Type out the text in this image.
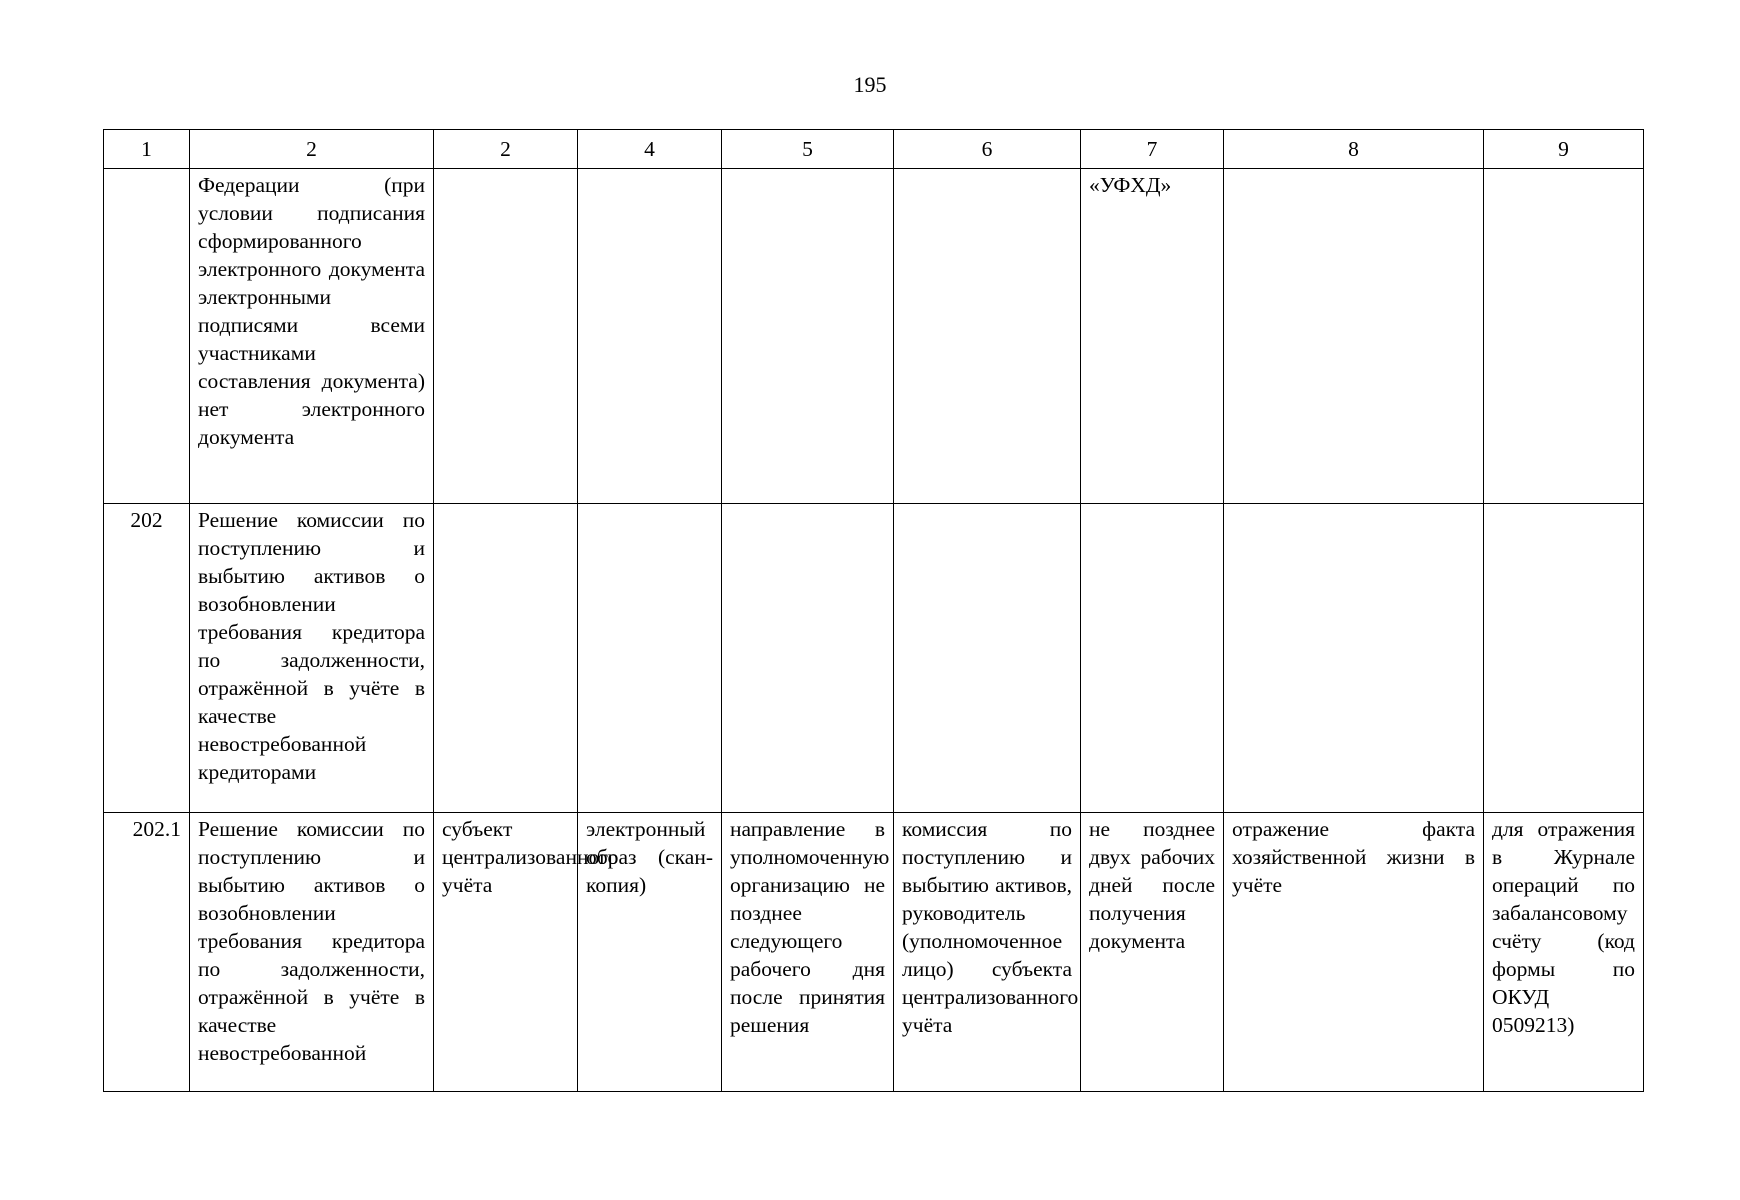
195
1	2	2	4	5	6	7	8	9
	Федерации (при условии подписания сформированного электронного документа электронными подписями всеми участниками составления документа) нет электронного документа					«УФХД»		
202	Решение комиссии по поступлению и выбытию активов о возобновлении требования кредитора по задолженности, отражённой в учёте в качестве невостребованной кредиторами							
202.1	Решение комиссии по поступлению и выбытию активов о возобновлении требования кредитора по задолженности, отражённой в учёте в качестве невостребованной	субъект централизованного учёта	электронный образ (скан-копия)	направление в уполномоченную организацию не позднее следующего рабочего дня после принятия решения	комиссия по поступлению и выбытию активов, руководитель (уполномоченное лицо) субъекта централизованного учёта	не позднее двух рабочих дней после получения документа	отражение факта хозяйственной жизни в учёте	для отражения в Журнале операций по забалансовому счёту (код формы по ОКУД 0509213)
